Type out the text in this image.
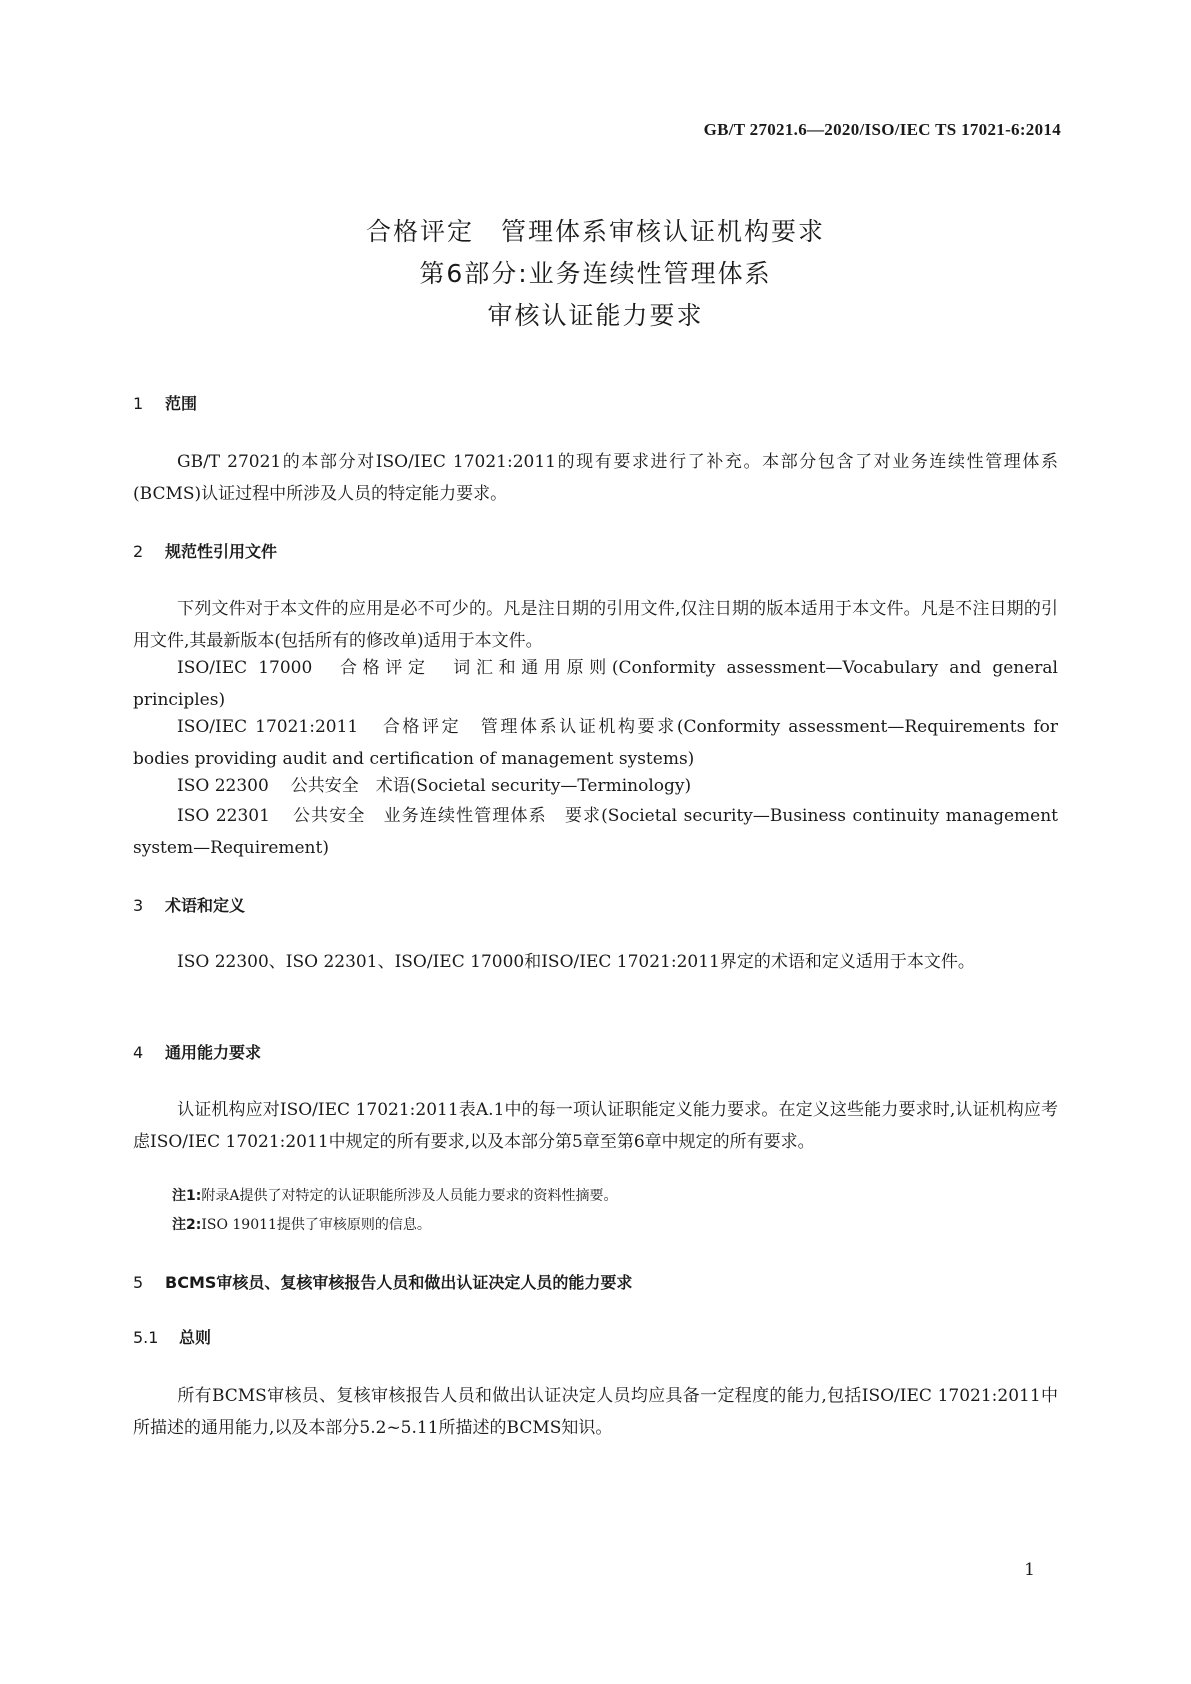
GB/T 27021.6—2020/ISO/IEC TS 17021-6:2014
合格评定　管理体系审核认证机构要求
第6部分:业务连续性管理体系
审核认证能力要求
1 范围
GB/T 27021的本部分对ISO/IEC 17021:2011的现有要求进行了补充。本部分包含了对业务连续性管理体系(BCMS)认证过程中所涉及人员的特定能力要求。
2 规范性引用文件
下列文件对于本文件的应用是必不可少的。凡是注日期的引用文件,仅注日期的版本适用于本文件。凡是不注日期的引用文件,其最新版本(包括所有的修改单)适用于本文件。
ISO/IEC 17000 合格评定　词汇和通用原则(Conformity assessment—Vocabulary and general principles)
ISO/IEC 17021:2011 合格评定　管理体系认证机构要求(Conformity assessment—Requirements for bodies providing audit and certification of management systems)
ISO 22300 公共安全　术语(Societal security—Terminology)
ISO 22301 公共安全　业务连续性管理体系　要求(Societal security—Business continuity management system—Requirement)
3 术语和定义
ISO 22300、ISO 22301、ISO/IEC 17000和ISO/IEC 17021:2011界定的术语和定义适用于本文件。
4 通用能力要求
认证机构应对ISO/IEC 17021:2011表A.1中的每一项认证职能定义能力要求。在定义这些能力要求时,认证机构应考虑ISO/IEC 17021:2011中规定的所有要求,以及本部分第5章至第6章中规定的所有要求。
注1:附录A提供了对特定的认证职能所涉及人员能力要求的资料性摘要。
注2:ISO 19011提供了审核原则的信息。
5 BCMS审核员、复核审核报告人员和做出认证决定人员的能力要求
5.1 总则
所有BCMS审核员、复核审核报告人员和做出认证决定人员均应具备一定程度的能力,包括ISO/IEC 17021:2011中所描述的通用能力,以及本部分5.2~5.11所描述的BCMS知识。
1
